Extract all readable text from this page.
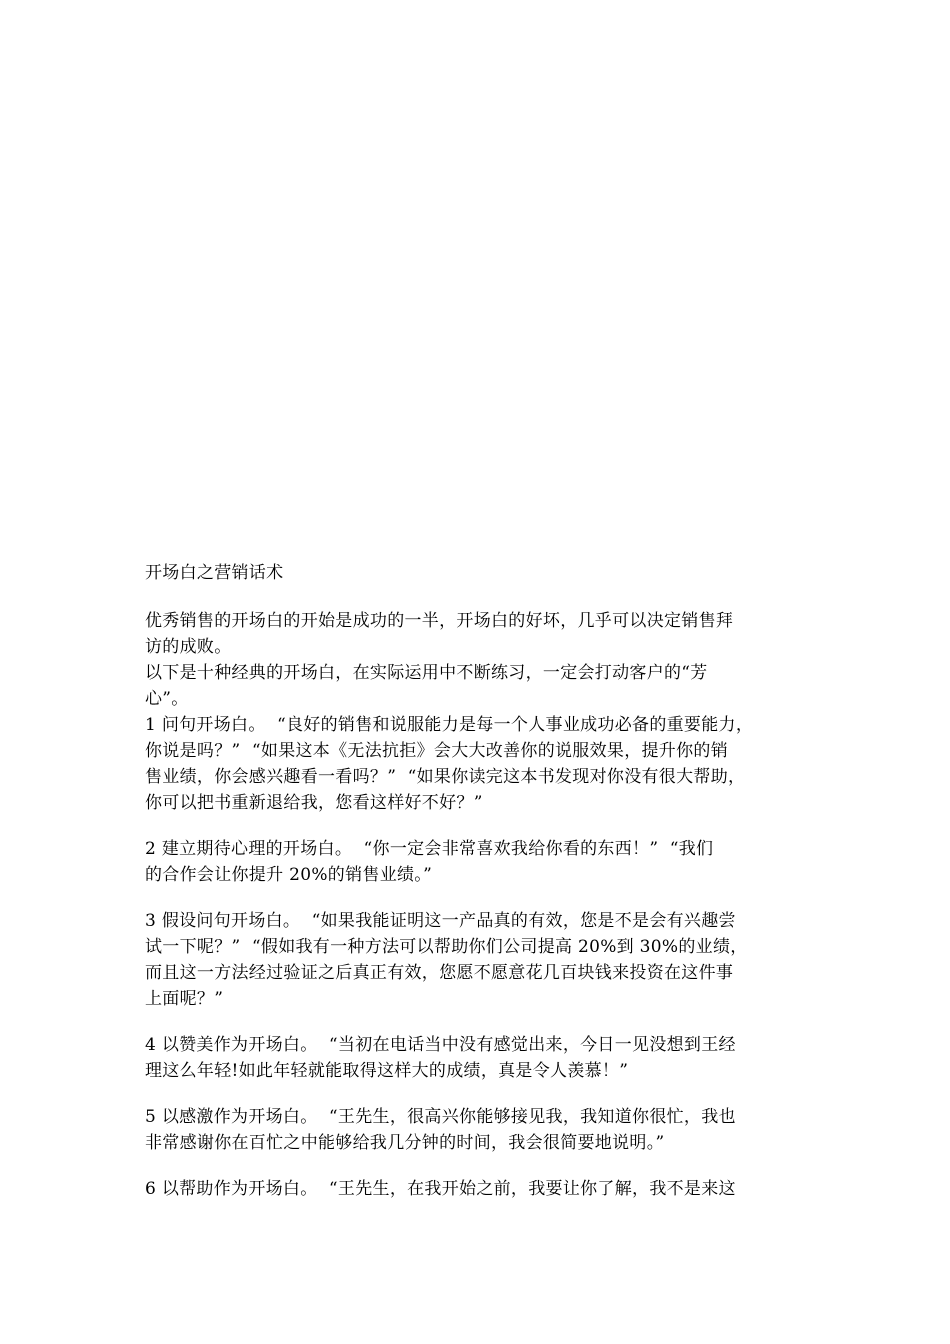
开场白之营销话术
优秀销售的开场白的开始是成功的一半，开场白的好坏，几乎可以决定销售拜
访的成败。
以下是十种经典的开场白，在实际运用中不断练习，一定会打动客户的“芳
心”。
1 问句开场白。  “良好的销售和说服能力是每一个人事业成功必备的重要能力，
你说是吗？”  “如果这本《无法抗拒》会大大改善你的说服效果，提升你的销
售业绩，你会感兴趣看一看吗？”  “如果你读完这本书发现对你没有很大帮助，
你可以把书重新退给我，您看这样好不好？”
2 建立期待心理的开场白。  “你一定会非常喜欢我给你看的东西！”  “我们
的合作会让你提升 20%的销售业绩。”
3 假设问句开场白。  “如果我能证明这一产品真的有效，您是不是会有兴趣尝
试一下呢？”  “假如我有一种方法可以帮助你们公司提高 20%到 30%的业绩，
而且这一方法经过验证之后真正有效，您愿不愿意花几百块钱来投资在这件事
上面呢？”
4 以赞美作为开场白。  “当初在电话当中没有感觉出来，今日一见没想到王经
理这么年轻!如此年轻就能取得这样大的成绩，真是令人羡慕！”
5 以感激作为开场白。  “王先生，很高兴你能够接见我，我知道你很忙，我也
非常感谢你在百忙之中能够给我几分钟的时间，我会很简要地说明。”
6 以帮助作为开场白。  “王先生，在我开始之前，我要让你了解，我不是来这
